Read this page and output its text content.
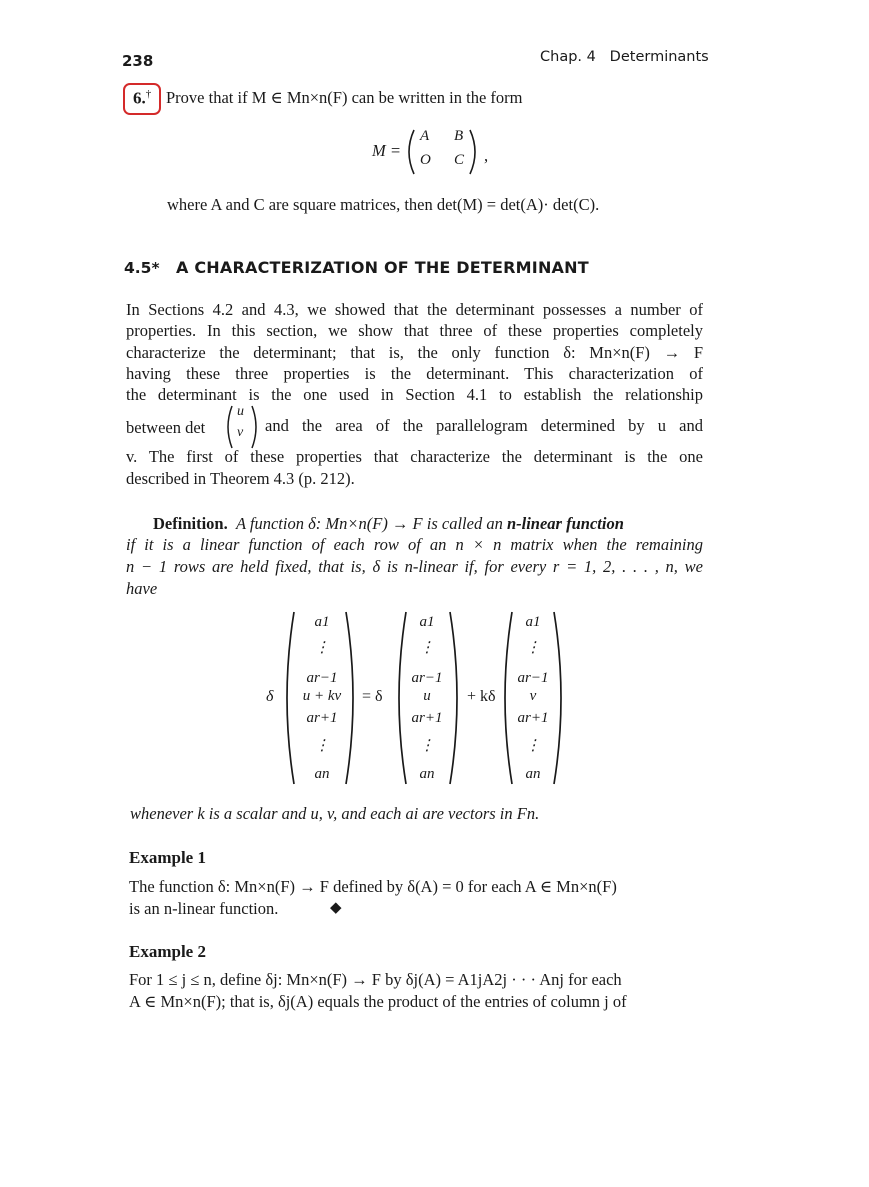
238	Chap. 4   Determinants
6.† Prove that if M ∈ Mn×n(F) can be written in the form
M =
A B
O C ,
where A and C are square matrices, then det(M) = det(A)· det(C).
4.5* A CHARACTERIZATION OF THE DETERMINANT
In Sections 4.2 and 4.3, we showed that the determinant possesses a number of
properties. In this section, we show that three of these properties completely
characterize the determinant; that is, the only function δ: Mn×n(F) → F
having these three properties is the determinant. This characterization of
the determinant is the one used in Section 4.1 to establish the relationship
between det
u
v and the area of the parallelogram determined by u and
v. The first of these properties that characterize the determinant is the one
described in Theorem 4.3 (p. 212).
Definition. A function δ: Mn×n(F) → F is called an n-linear function
if it is a linear function of each row of an n × n matrix when the remaining
n − 1 rows are held fixed, that is, δ is n-linear if, for every r = 1, 2, . . . , n, we
have
δ	= δ	+ kδ
a1
⋮
ar−1
u + kv
ar+1
⋮
an
a1
⋮
ar−1
u
ar+1
⋮
an
a1
⋮
ar−1
v
ar+1
⋮
an
whenever k is a scalar and u, v, and each ai are vectors in Fn.
Example 1
The function δ: Mn×n(F) → F defined by δ(A) = 0 for each A ∈ Mn×n(F)
is an n-linear function.	◆
Example 2
For 1 ≤ j ≤ n, define δj: Mn×n(F) → F by δj(A) = A1jA2j · · · Anj for each
A ∈ Mn×n(F); that is, δj(A) equals the product of the entries of column j of
